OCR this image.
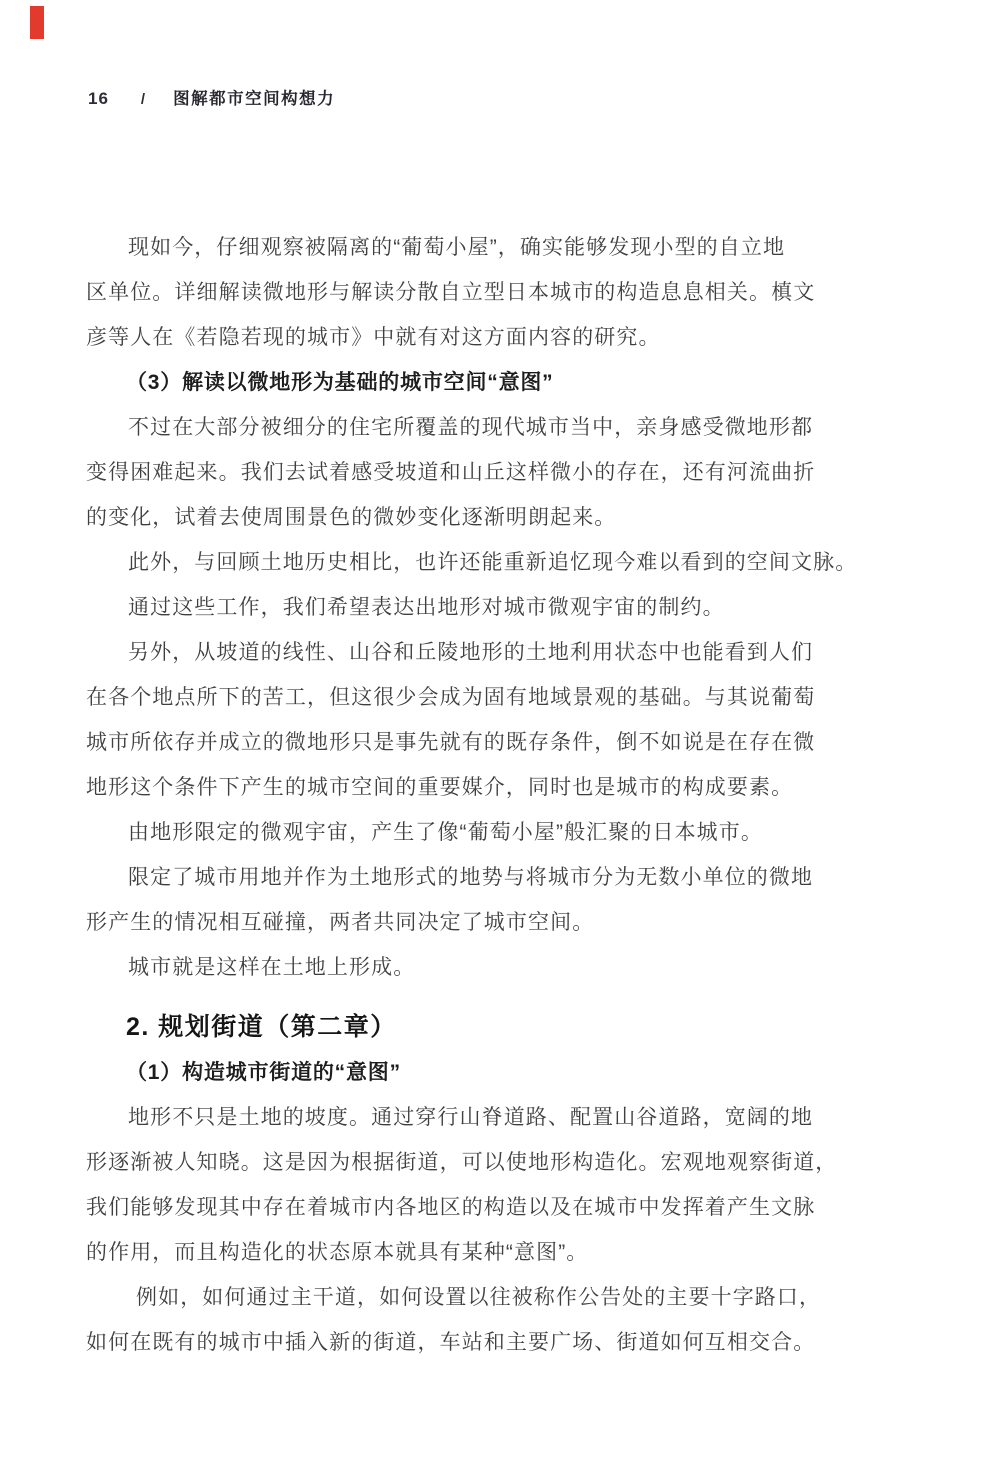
16 / 图解都市空间构想力
现如今，仔细观察被隔离的“葡萄小屋”，确实能够发现小型的自立地
区单位。详细解读微地形与解读分散自立型日本城市的构造息息相关。槙文
彦等人在《若隐若现的城市》中就有对这方面内容的研究。
（3）解读以微地形为基础的城市空间“意图”
不过在大部分被细分的住宅所覆盖的现代城市当中，亲身感受微地形都
变得困难起来。我们去试着感受坡道和山丘这样微小的存在，还有河流曲折
的变化，试着去使周围景色的微妙变化逐渐明朗起来。
此外，与回顾土地历史相比，也许还能重新追忆现今难以看到的空间文脉。
通过这些工作，我们希望表达出地形对城市微观宇宙的制约。
另外，从坡道的线性、山谷和丘陵地形的土地利用状态中也能看到人们
在各个地点所下的苦工，但这很少会成为固有地域景观的基础。与其说葡萄
城市所依存并成立的微地形只是事先就有的既存条件，倒不如说是在存在微
地形这个条件下产生的城市空间的重要媒介，同时也是城市的构成要素。
由地形限定的微观宇宙，产生了像“葡萄小屋”般汇聚的日本城市。
限定了城市用地并作为土地形式的地势与将城市分为无数小单位的微地
形产生的情况相互碰撞，两者共同决定了城市空间。
城市就是这样在土地上形成。
2. 规划街道（第二章）
（1）构造城市街道的“意图”
地形不只是土地的坡度。通过穿行山脊道路、配置山谷道路，宽阔的地
形逐渐被人知晓。这是因为根据街道，可以使地形构造化。宏观地观察街道，
我们能够发现其中存在着城市内各地区的构造以及在城市中发挥着产生文脉
的作用，而且构造化的状态原本就具有某种“意图”。
例如，如何通过主干道，如何设置以往被称作公告处的主要十字路口，
如何在既有的城市中插入新的街道，车站和主要广场、街道如何互相交合。
